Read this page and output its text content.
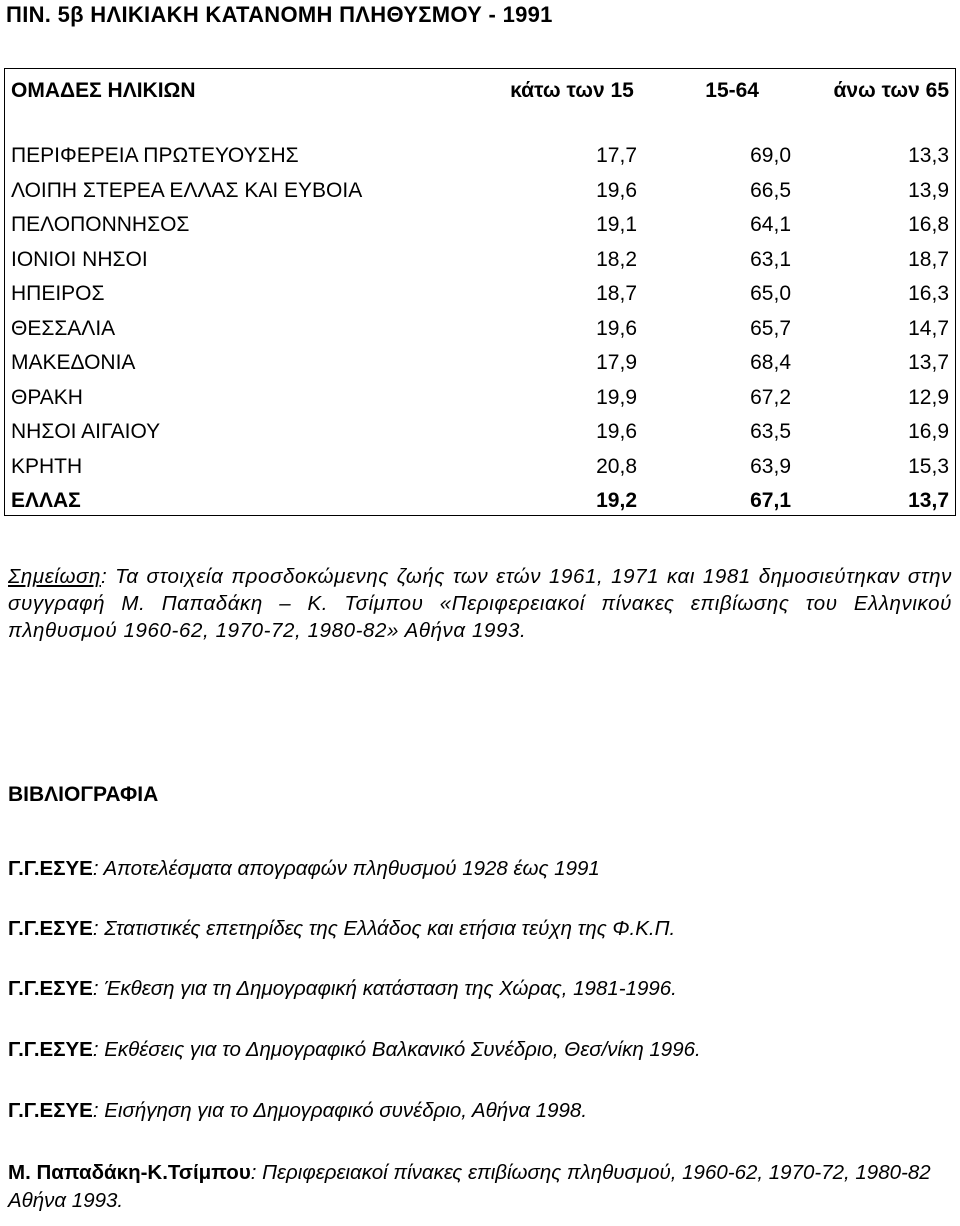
ΠΙΝ. 5β ΗΛΙΚΙΑΚΗ ΚΑΤΑΝΟΜΗ ΠΛΗΘΥΣΜΟΥ - 1991
ΟΜΑΔΕΣ ΗΛΙΚΙΩΝ	κάτω των 15	15-64	άνω των 65
ΠΕΡΙΦΕΡΕΙΑ ΠΡΩΤΕΥΟΥΣΗΣ	17,7	69,0	13,3
ΛΟΙΠΗ ΣΤΕΡΕΑ ΕΛΛΑΣ ΚΑΙ ΕΥΒΟΙΑ	19,6	66,5	13,9
ΠΕΛΟΠΟΝΝΗΣΟΣ	19,1	64,1	16,8
ΙΟΝΙΟΙ ΝΗΣΟΙ	18,2	63,1	18,7
ΗΠΕΙΡΟΣ	18,7	65,0	16,3
ΘΕΣΣΑΛΙΑ	19,6	65,7	14,7
ΜΑΚΕΔΟΝΙΑ	17,9	68,4	13,7
ΘΡΑΚΗ	19,9	67,2	12,9
ΝΗΣΟΙ ΑΙΓΑΙΟΥ	19,6	63,5	16,9
ΚΡΗΤΗ	20,8	63,9	15,3
ΕΛΛΑΣ	19,2	67,1	13,7
Σημείωση: Τα στοιχεία προσδοκώμενης ζωής των ετών 1961, 1971 και 1981 δημοσιεύτηκαν στην συγγραφή Μ. Παπαδάκη – Κ. Τσίμπου «Περιφερειακοί πίνακες επιβίωσης του Ελληνικού πληθυσμού 1960-62, 1970-72, 1980-82» Αθήνα 1993.
ΒΙΒΛΙΟΓΡΑΦΙΑ
Γ.Γ.ΕΣΥΕ: Αποτελέσματα απογραφών πληθυσμού 1928 έως 1991
Γ.Γ.ΕΣΥΕ: Στατιστικές επετηρίδες της Ελλάδος και ετήσια τεύχη της Φ.Κ.Π.
Γ.Γ.ΕΣΥΕ: Έκθεση για τη Δημογραφική κατάσταση της Χώρας, 1981-1996.
Γ.Γ.ΕΣΥΕ: Εκθέσεις για το Δημογραφικό Βαλκανικό Συνέδριο, Θεσ/νίκη 1996.
Γ.Γ.ΕΣΥΕ: Εισήγηση για το Δημογραφικό συνέδριο, Αθήνα 1998.
Μ. Παπαδάκη-Κ.Τσίμπου: Περιφερειακοί πίνακες επιβίωσης πληθυσμού, 1960-62, 1970-72, 1980-82 Αθήνα 1993.
